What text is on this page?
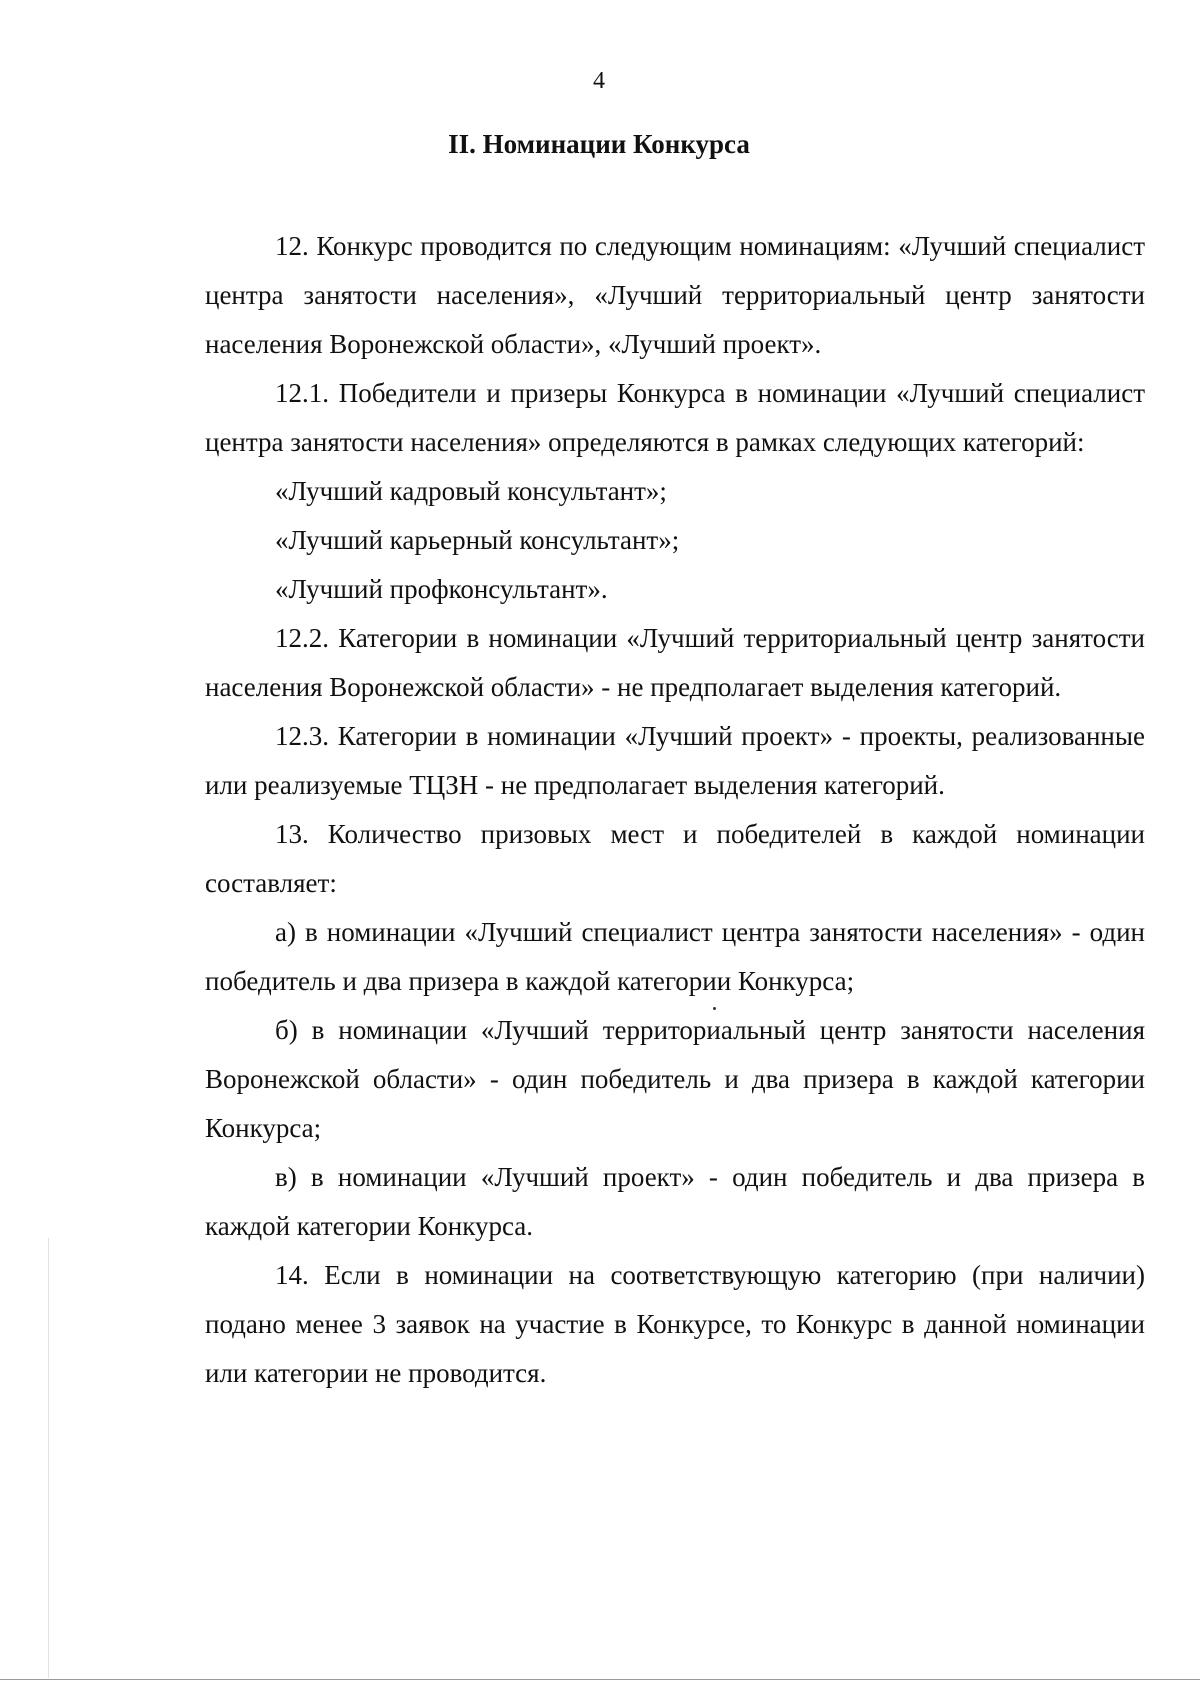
4
II. Номинации Конкурса

12. Конкурс проводится по следующим номинациям: «Лучший специалист центра занятости населения», «Лучший территориальный центр занятости населения Воронежской области», «Лучший проект».

12.1. Победители и призеры Конкурса в номинации «Лучший специалист центра занятости населения» определяются в рамках следующих категорий:

«Лучший кадровый консультант»;

«Лучший карьерный консультант»;

«Лучший профконсультант».

12.2. Категории в номинации «Лучший территориальный центр занятости населения Воронежской области» - не предполагает выделения категорий.

12.3. Категории в номинации «Лучший проект» - проекты, реализованные или реализуемые ТЦЗН - не предполагает выделения категорий.

13. Количество призовых мест и победителей в каждой номинации составляет:

а) в номинации «Лучший специалист центра занятости населения» - один победитель и два призера в каждой категории Конкурса;

б) в номинации «Лучший территориальный центр занятости населения Воронежской области» - один победитель и два призера в каждой категории Конкурса;

в) в номинации «Лучший проект» - один победитель и два призера в каждой категории Конкурса.

14. Если в номинации на соответствующую категорию (при наличии) подано менее 3 заявок на участие в Конкурсе, то Конкурс в данной номинации или категории не проводится.
